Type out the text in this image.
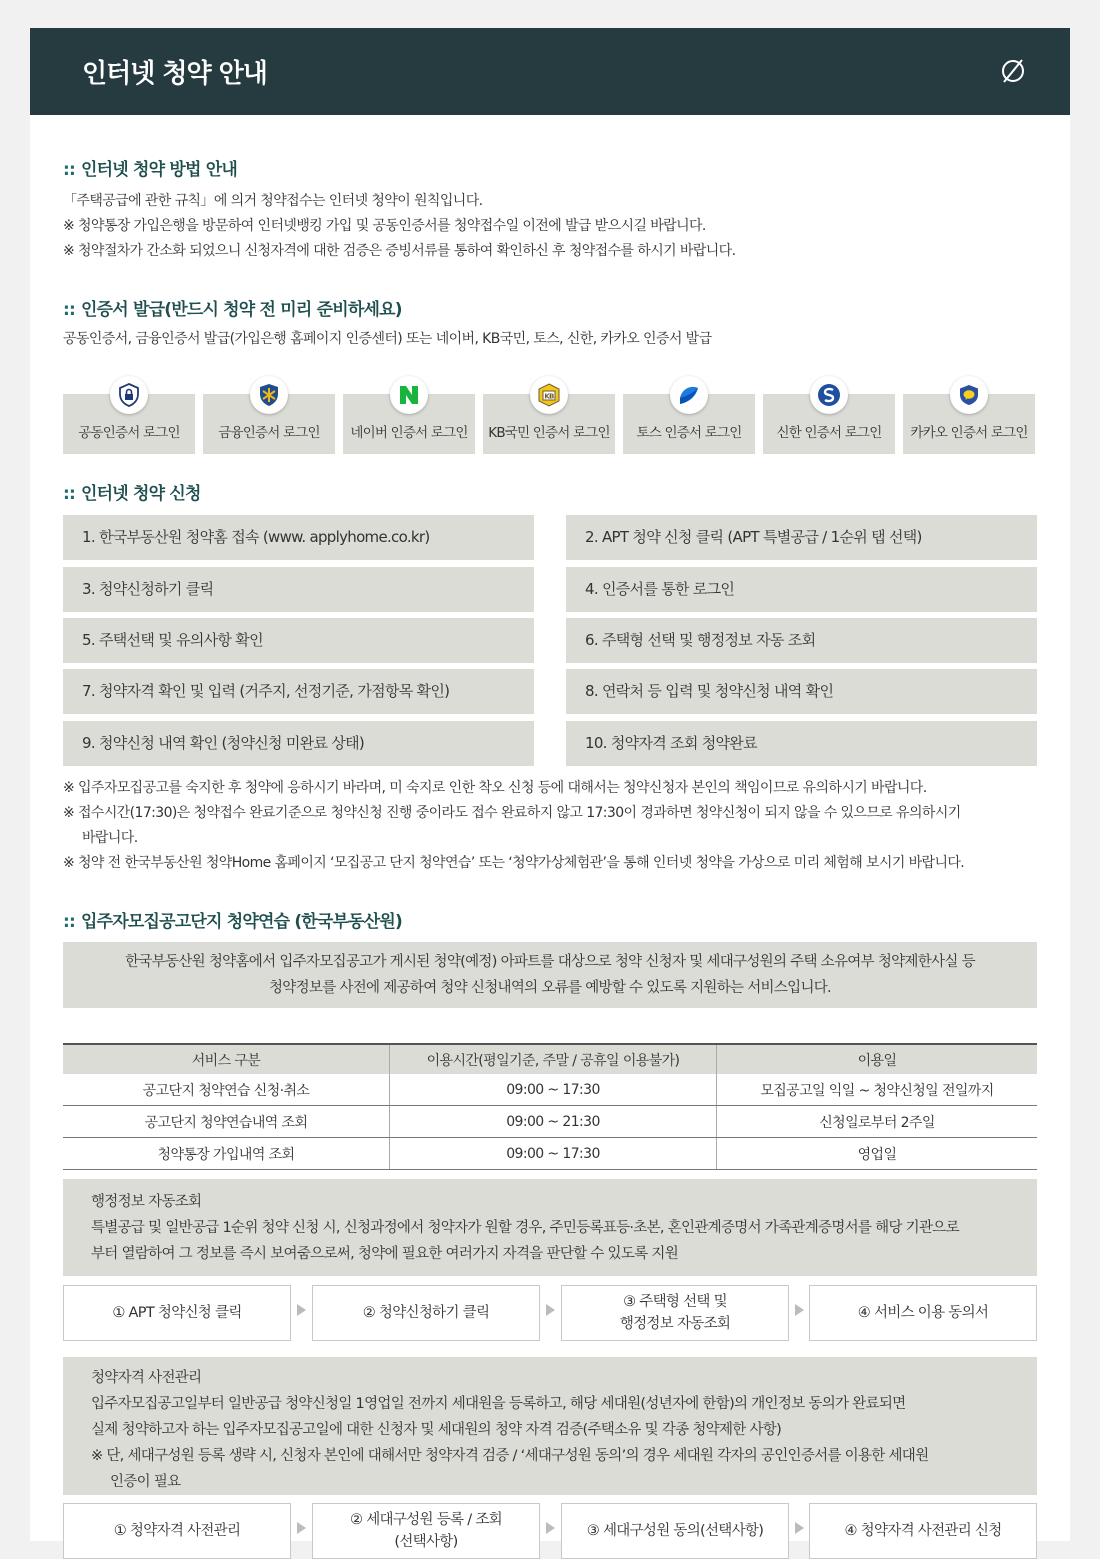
인터넷 청약 안내
:: 인터넷 청약 방법 안내
「주택공급에 관한 규칙」에 의거 청약접수는 인터넷 청약이 원칙입니다.
※ 청약통장 가입은행을 방문하여 인터넷뱅킹 가입 및 공동인증서를 청약접수일 이전에 발급 받으시길 바랍니다.
※ 청약절차가 간소화 되었으니 신청자격에 대한 검증은 증빙서류를 통하여 확인하신 후 청약접수를 하시기 바랍니다.
:: 인증서 발급(반드시 청약 전 미리 준비하세요)
공동인증서, 금융인증서 발급(가입은행 홈페이지 인증센터) 또는 네이버, KB국민, 토스, 신한, 카카오 인증서 발급
공동인증서 로그인	금융인증서 로그인	네이버 인증서 로그인
KB
KB국민 인증서 로그인	토스 인증서 로그인	신한 인증서 로그인	카카오 인증서 로그인
:: 인터넷 청약 신청
1. 한국부동산원 청약홈 접속 (www. applyhome.co.kr)	2. APT 청약 신청 클릭 (APT 특별공급 / 1순위 탭 선택)
3. 청약신청하기 클릭	4. 인증서를 통한 로그인
5. 주택선택 및 유의사항 확인	6. 주택형 선택 및 행정정보 자동 조회
7. 청약자격 확인 및 입력 (거주지, 선정기준, 가점항목 확인)	8. 연락처 등 입력 및 청약신청 내역 확인
9. 청약신청 내역 확인 (청약신청 미완료 상태)	10. 청약자격 조회 청약완료
※ 입주자모집공고를 숙지한 후 청약에 응하시기 바라며, 미 숙지로 인한 착오 신청 등에 대해서는 청약신청자 본인의 책임이므로 유의하시기 바랍니다.
※ 접수시간(17:30)은 청약접수 완료기준으로 청약신청 진행 중이라도 접수 완료하지 않고 17:30이 경과하면 청약신청이 되지 않을 수 있으므로 유의하시기
바랍니다.
※ 청약 전 한국부동산원 청약Home 홈페이지 ‘모집공고 단지 청약연습’ 또는 ‘청약가상체험관’을 통해 인터넷 청약을 가상으로 미리 체험해 보시기 바랍니다.
:: 입주자모집공고단지 청약연습 (한국부동산원)
한국부동산원 청약홈에서 입주자모집공고가 게시된 청약(예정) 아파트를 대상으로 청약 신청자 및 세대구성원의 주택 소유여부 청약제한사실 등
청약정보를 사전에 제공하여 청약 신청내역의 오류를 예방할 수 있도록 지원하는 서비스입니다.
서비스 구분	이용시간(평일기준, 주말 / 공휴일 이용불가)	이용일
공고단지 청약연습 신청·취소	09:00 ~ 17:30	모집공고일 익일 ~ 청약신청일 전일까지
공고단지 청약연습내역 조회	09:00 ~ 21:30	신청일로부터 2주일
청약통장 가입내역 조회	09:00 ~ 17:30	영업일
행정정보 자동조회
특별공급 및 일반공급 1순위 청약 신청 시, 신청과정에서 청약자가 원할 경우, 주민등록표등·초본, 혼인관계증명서 가족관계증명서를 해당 기관으로
부터 열람하여 그 정보를 즉시 보여줌으로써, 청약에 필요한 여러가지 자격을 판단할 수 있도록 지원
① APT 청약신청 클릭	② 청약신청하기 클릭
③ 주택형 선택 및
행정정보 자동조회
④ 서비스 이용 동의서
청약자격 사전관리
입주자모집공고일부터 일반공급 청약신청일 1영업일 전까지 세대원을 등록하고, 해당 세대원(성년자에 한함)의 개인정보 동의가 완료되면
실제 청약하고자 하는 입주자모집공고일에 대한 신청자 및 세대원의 청약 자격 검증(주택소유 및 각종 청약제한 사항)
※ 단, 세대구성원 등록 생략 시, 신청자 본인에 대해서만 청약자격 검증 / ‘세대구성원 동의’의 경우 세대원 각자의 공인인증서를 이용한 세대원
인증이 필요
① 청약자격 사전관리
② 세대구성원 등록 / 조회
(선택사항)
③ 세대구성원 동의(선택사항)	④ 청약자격 사전관리 신청
